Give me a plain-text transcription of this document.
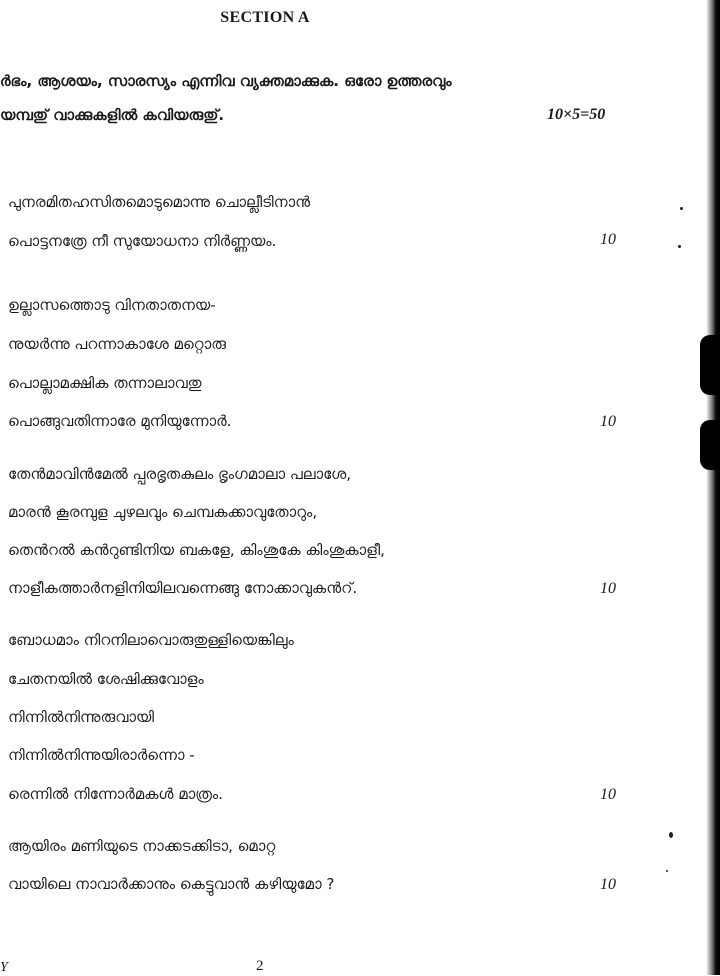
SECTION A
ർഭം, ആശയം, സാരസ്യം എന്നിവ വ്യക്തമാക്കുക. ഒരോ ഉത്തരവും
യമ്പതു് വാക്കുകളിൽ കവിയരുതു്.	10×5=50
പുനരമിതഹസിതമൊടുമൊന്നു ചൊല്ലീടിനാൻ
പൊട്ടനത്രേ നീ സുയോധനാ നിർണ്ണയം.	10
ഉല്ലാസത്തൊടു വിനതാതനയ-
നുയർന്നു പറന്നാകാശേ മറ്റൊരു
പൊല്ലാമക്ഷിക തന്നാലാവതു
പൊങ്ങുവതിന്നാരേ മുനിയുന്നോർ.	10
തേൻമാവിൻമേൽ പ്പരഭൃതകുലം ഭൃംഗമാലാ പലാശേ,
മാരൻ കൂരമ്പുള ചുഴലവും ചെമ്പകക്കാവുതോറും,
തെൻറൽ കൻറുണ്ടിനിയ ബകളേ, കിംശുകേ കിംശുകാളീ,
നാളീകത്താർനളിനിയിലവന്നെങ്ങു നോക്കാവുകൻറ്.	10
ബോധമാം നിറനിലാവൊരുതുള്ളിയെങ്കിലും
ചേതനയിൽ ശേഷിക്കുവോളം
നിന്നിൽനിന്നുരുവായി
നിന്നിൽനിന്നുയിരാർന്നൊ -
രെന്നിൽ നിന്നോർമകൾ മാത്രം.	10
ആയിരം മണിയുടെ നാക്കടക്കിടാ, മൊറ്റ
വായിലെ നാവാർക്കാനും കെട്ടുവാൻ കഴിയുമോ ?	10
Y	2
